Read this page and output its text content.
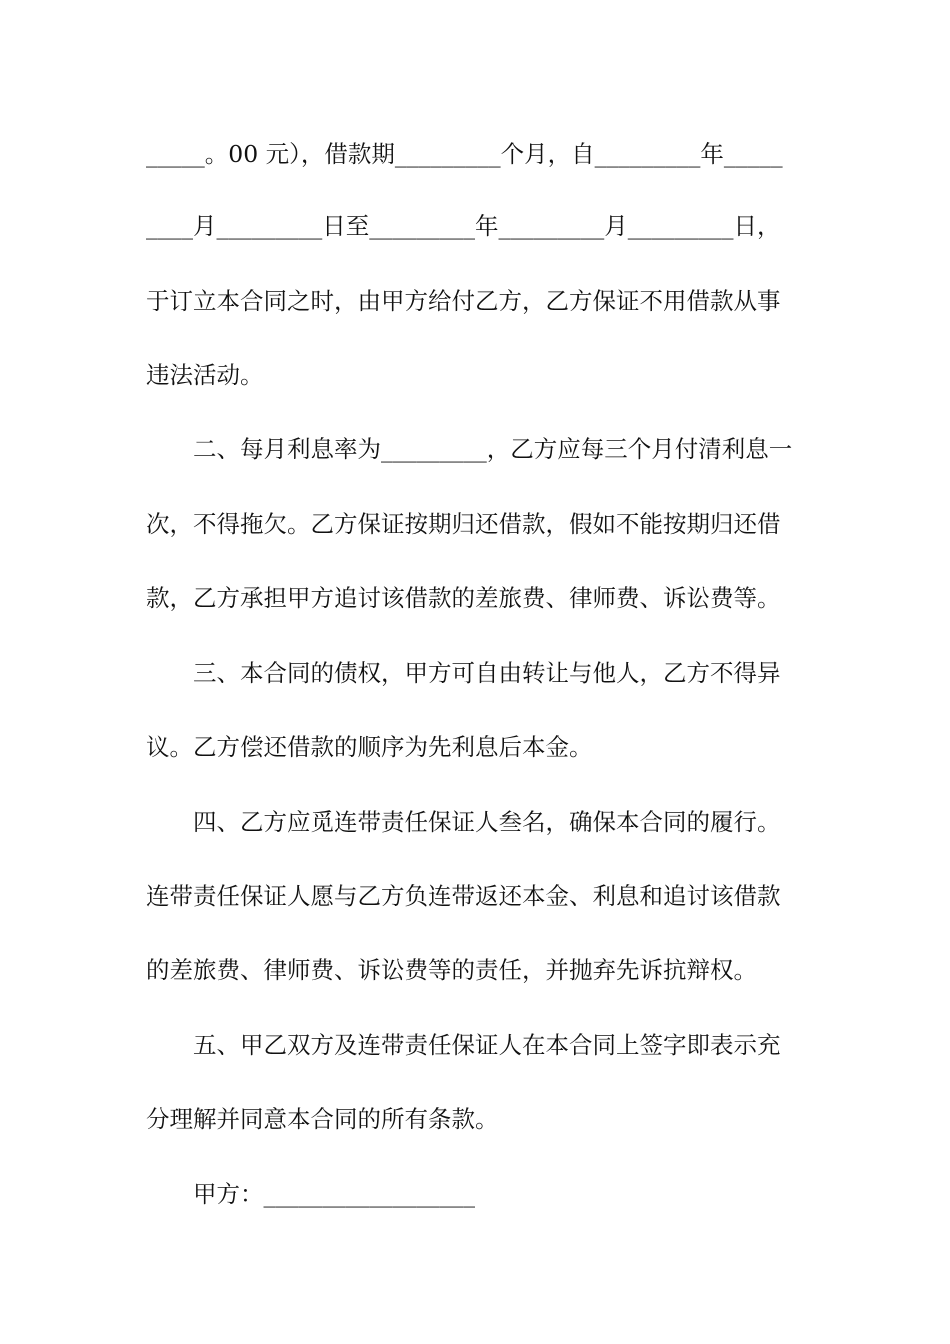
_____。00 元），借款期_________个月，自_________年_____
____月_________日至_________年_________月_________日，
于订立本合同之时，由甲方给付乙方，乙方保证不用借款从事
违法活动。
二、每月利息率为_________，乙方应每三个月付清利息一
次，不得拖欠。乙方保证按期归还借款，假如不能按期归还借
款，乙方承担甲方追讨该借款的差旅费、律师费、诉讼费等。
三、本合同的债权，甲方可自由转让与他人，乙方不得异
议。乙方偿还借款的顺序为先利息后本金。
四、乙方应觅连带责任保证人叁名，确保本合同的履行。
连带责任保证人愿与乙方负连带返还本金、利息和追讨该借款
的差旅费、律师费、诉讼费等的责任，并抛弃先诉抗辩权。
五、甲乙双方及连带责任保证人在本合同上签字即表示充
分理解并同意本合同的所有条款。
甲方：__________________
